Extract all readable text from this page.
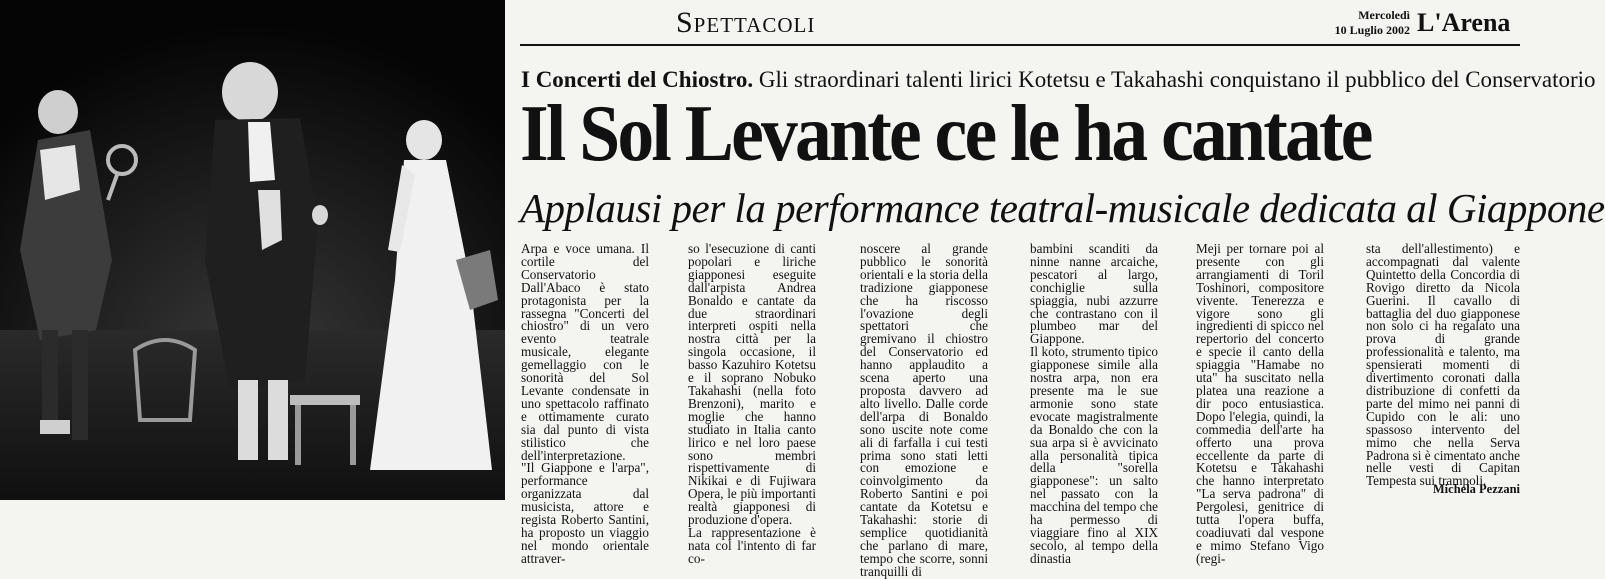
Spettacoli	Mercoledì
10 Luglio 2002 L'Arena
I Concerti del Chiostro. Gli straordinari talenti lirici Kotetsu e Takahashi conquistano il pubblico del Conservatorio
Il Sol Levante ce le ha cantate
Applausi per la performance teatral-musicale dedicata al Giappone
Arpa e voce umana. Il cortile del Conservatorio Dall'Abaco è stato protagonista per la rassegna "Concerti del chiostro" di un vero evento teatrale musicale, elegante gemellaggio con le sonorità del Sol Levante condensate in uno spettacolo raffinato e ottimamente curato sia dal punto di vista stilistico che dell'interpretazione.
"Il Giappone e l'arpa", performance organizzata dal musicista, attore e regista Roberto Santini, ha proposto un viaggio nel mondo orientale attraver-
so l'esecuzione di canti popolari e liriche giapponesi eseguite dall'arpista Andrea Bonaldo e cantate da due straordinari interpreti ospiti nella nostra città per la singola occasione, il basso Kazuhiro Kotetsu e il soprano Nobuko Takahashi (nella foto Brenzoni), marito e moglie che hanno studiato in Italia canto lirico e nel loro paese sono membri rispettivamente di Nikikai e di Fujiwara Opera, le più importanti realtà giapponesi di produzione d'opera.
La rappresentazione è nata col l'intento di far co-
noscere al grande pubblico le sonorità orientali e la storia della tradizione giapponese che ha riscosso l'ovazione degli spettatori che gremivano il chiostro del Conservatorio ed hanno applaudito a scena aperto una proposta davvero ad alto livello. Dalle corde dell'arpa di Bonaldo sono uscite note come ali di farfalla i cui testi prima sono stati letti con emozione e coinvolgimento da Roberto Santini e poi cantate da Kotetsu e Takahashi: storie di semplice quotidianità che parlano di mare, tempo che scorre, sonni tranquilli di
bambini scanditi da ninne nanne arcaiche, pescatori al largo, conchiglie sulla spiaggia, nubi azzurre che contrastano con il plumbeo mar del Giappone.
Il koto, strumento tipico giapponese simile alla nostra arpa, non era presente ma le sue armonie sono state evocate magistralmente da Bonaldo che con la sua arpa si è avvicinato alla personalità tipica della "sorella giapponese": un salto nel passato con la macchina del tempo che ha permesso di viaggiare fino al XIX secolo, al tempo della dinastia
Meji per tornare poi al presente con gli arrangiamenti di Toril Toshinori, compositore vivente. Tenerezza e vigore sono gli ingredienti di spicco nel repertorio del concerto e specie il canto della spiaggia "Hamabe no uta" ha suscitato nella platea una reazione a dir poco entusiastica. Dopo l'elegia, quindi, la commedia dell'arte ha offerto una prova eccellente da parte di Kotetsu e Takahashi che hanno interpretato "La serva padrona" di Pergolesi, genitrice di tutta l'opera buffa, coadiuvati dal vespone e mimo Stefano Vigo (regi-
sta dell'allestimento) e accompagnati dal valente Quintetto della Concordia di Rovigo diretto da Nicola Guerini. Il cavallo di battaglia del duo giapponese non solo ci ha regalato una prova di grande professionalità e talento, ma spensierati momenti di divertimento coronati dalla distribuzione di confetti da parte del mimo nei panni di Cupido con le ali: uno spassoso intervento del mimo che nella Serva Padrona si è cimentato anche nelle vesti di Capitan Tempesta sui trampoli.
Michela Pezzani
